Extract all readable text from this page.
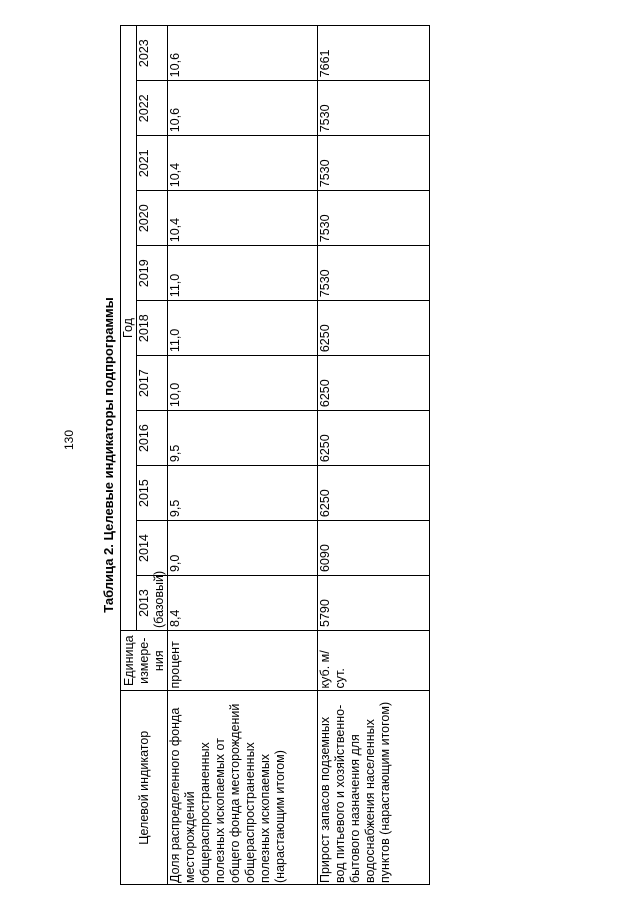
130 Таблица 2. Целевые индикаторы подпрограммы
Целевой индикатор	Единица измерения	Год										
		2013 (базовый)	2014	2015	2016	2017	2018	2019	2020	2021	2022	2023
Доля распределенного фонда месторождений общераспространенных полезных ископаемых от общего фонда месторождений общераспространенных полезных ископаемых (нарастающим итогом)	процент	8,4	9,0	9,5	9,5	10,0	11,0	11,0	10,4	10,4	10,6	10,6
Прирост запасов подземных вод питьевого и хозяйственно-бытового назначения для водоснабжения населенных пунктов (нарастающим итогом)	куб. м/сут.	5790	6090	6250	6250	6250	6250	7530	7530	7530	7530	7661
